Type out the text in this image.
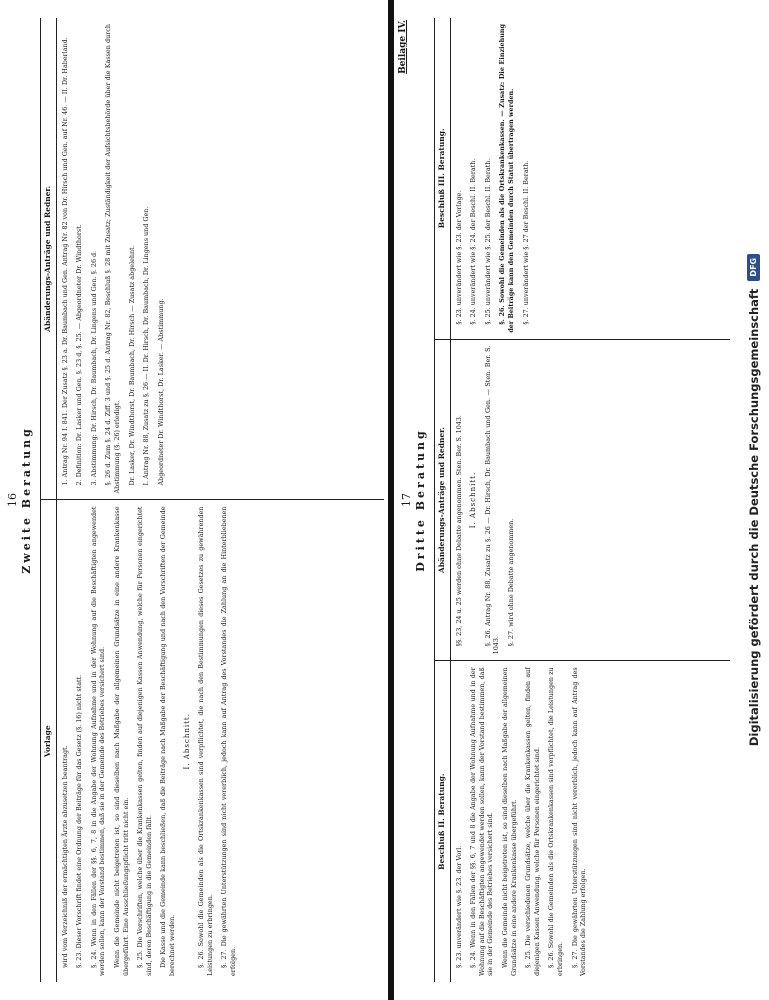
16 Zweite Beratung
Vorlage

wird vom Verzeichniß der ermächtigten Ärzte abzusetzen beantragt. §. 23. Dieser Vorschrift findet eine Ordnung der Beiträge für das Gesetz (§. 16) nicht statt. §. 24. Wenn in den Fällen der §§. 6, 7, 8 in die Angabe der Wohnung Aufnahme und in der Wohnung auf die Beschäftigten angewendet werden sollen, kann der Vorstand bestimmen, daß sie in der Gemeinde des Betriebes versichert sind. Wenn die Gemeinde nicht beigetreten ist, so sind dieselben nach Maßgabe der allgemeinen Grundsätze in eine andere Krankenkasse übergeführt. Eine Ausschließungspflicht tritt nicht ein. §. 25. Die Vorschriften, welche über die Krankenkassen gelten, finden auf diejenigen Kassen Anwendung, welche für Personen eingerichtet sind, deren Beschäftigung in die Gemeinden fällt. Die Kasse und die Gemeinde kann beschließen, daß die Beiträge nach Maßgabe der Beschäftigung und nach den Vorschriften der Gemeinde berechnet werden.

I. Abschnitt. §. 26. Sowohl die Gemeinden als die Ortskrankenkassen sind verpflichtet, die nach den Bestimmungen dieses Gesetzes zu gewährenden Leistungen zu erbringen. §. 27. Die gewährten Unterstützungen sind nicht vererblich, jedoch kann auf Antrag des Vorstandes die Zahlung an die Hinterbliebenen erfolgen.

Abänderungs-Anträge und Redner.	1. Antrag Nr. 94 I. 841. Der Zusatz §. 23 a. Dr. Baumbach und Gen. Antrag Nr. 82 von Dr. Hirsch und Gen. auf Nr. 46. — II. Dr. Haberland. 2. Definition: Dr. Lasker und Gen. §. 23 d, §. 25. — Abgeordneter Dr. Windthorst. 3. Abstimmung: Dr. Hirsch, Dr. Baumbach, Dr. Lingens und Gen. §. 26 d. §. 26 d. Zum §. 24 d. Ziff. 3 und §. 25 d. Antrag Nr. 82, Beschluß §. 28 mit Zusatz; Zuständigkeit der Aufsichtsbehörde über die Kassen durch Abstimmung (§. 26) erledigt. Dr. Lasker, Dr. Windthorst, Dr. Baumbach, Dr. Hirsch — Zusatz abgelehnt. I. Antrag Nr. 88, Zusatz zu §. 26 — II. Dr. Hirsch, Dr. Baumbach, Dr. Lingens und Gen. Abgeordneter Dr. Windthorst, Dr. Lasker. — Abstimmung.

17 Dritte Beratung
Beilage IV.
Beschluß II. Beratung.

§. 23. unverändert wie §. 23. der Vorl. §. 24. Wenn in den Fällen der §§. 6, 7 und 8 die Angabe der Wohnung Aufnahme und in der Wohnung auf die Beschäftigten angewendet werden sollen, kann der Vorstand bestimmen, daß sie in der Gemeinde des Betriebes versichert sind. Wenn die Gemeinde nicht beigetreten ist, so sind dieselben nach Maßgabe der allgemeinen Grundsätze in eine andere Krankenkasse übergeführt. §. 25. Die verschiedenen Grundsätze, welche über die Krankenkassen gelten, finden auf diejenigen Kassen Anwendung, welche für Personen eingerichtet sind. §. 26. Sowohl die Gemeinden als die Ortskrankenkassen sind verpflichtet, die Leistungen zu erbringen. §. 27. Die gewährten Unterstützungen sind nicht vererblich, jedoch kann auf Antrag des Vorstandes die Zahlung erfolgen.

Abänderungs-Anträge und Redner.	§§. 23, 24 u. 25 werden ohne Debatte angenommen. Sten. Ber. S. 1043. I. Abschnitt. §. 26. Antrag Nr. 88, Zusatz zu §. 26 — Dr. Hirsch, Dr. Baumbach und Gen. — Sten. Ber. S. 1043. §. 27. wird ohne Debatte angenommen.

Beschluß III. Beratung.

§. 23. unverändert wie §. 23. der Vorlage. §. 24. unverändert wie §. 24. der Beschl. II. Berath. §. 25. unverändert wie §. 25. der Beschl. II. Berath. §. 26. Sowohl die Gemeinden als die Ortskrankenkassen. — Zusatz: Die Einziehung der Beiträge kann den Gemeinden durch Statut übertragen werden. §. 27. unverändert wie §. 27 der Beschl. II. Berath.

Digitalisierung gefördert durch die Deutsche Forschungsgemeinschaft
DFG
